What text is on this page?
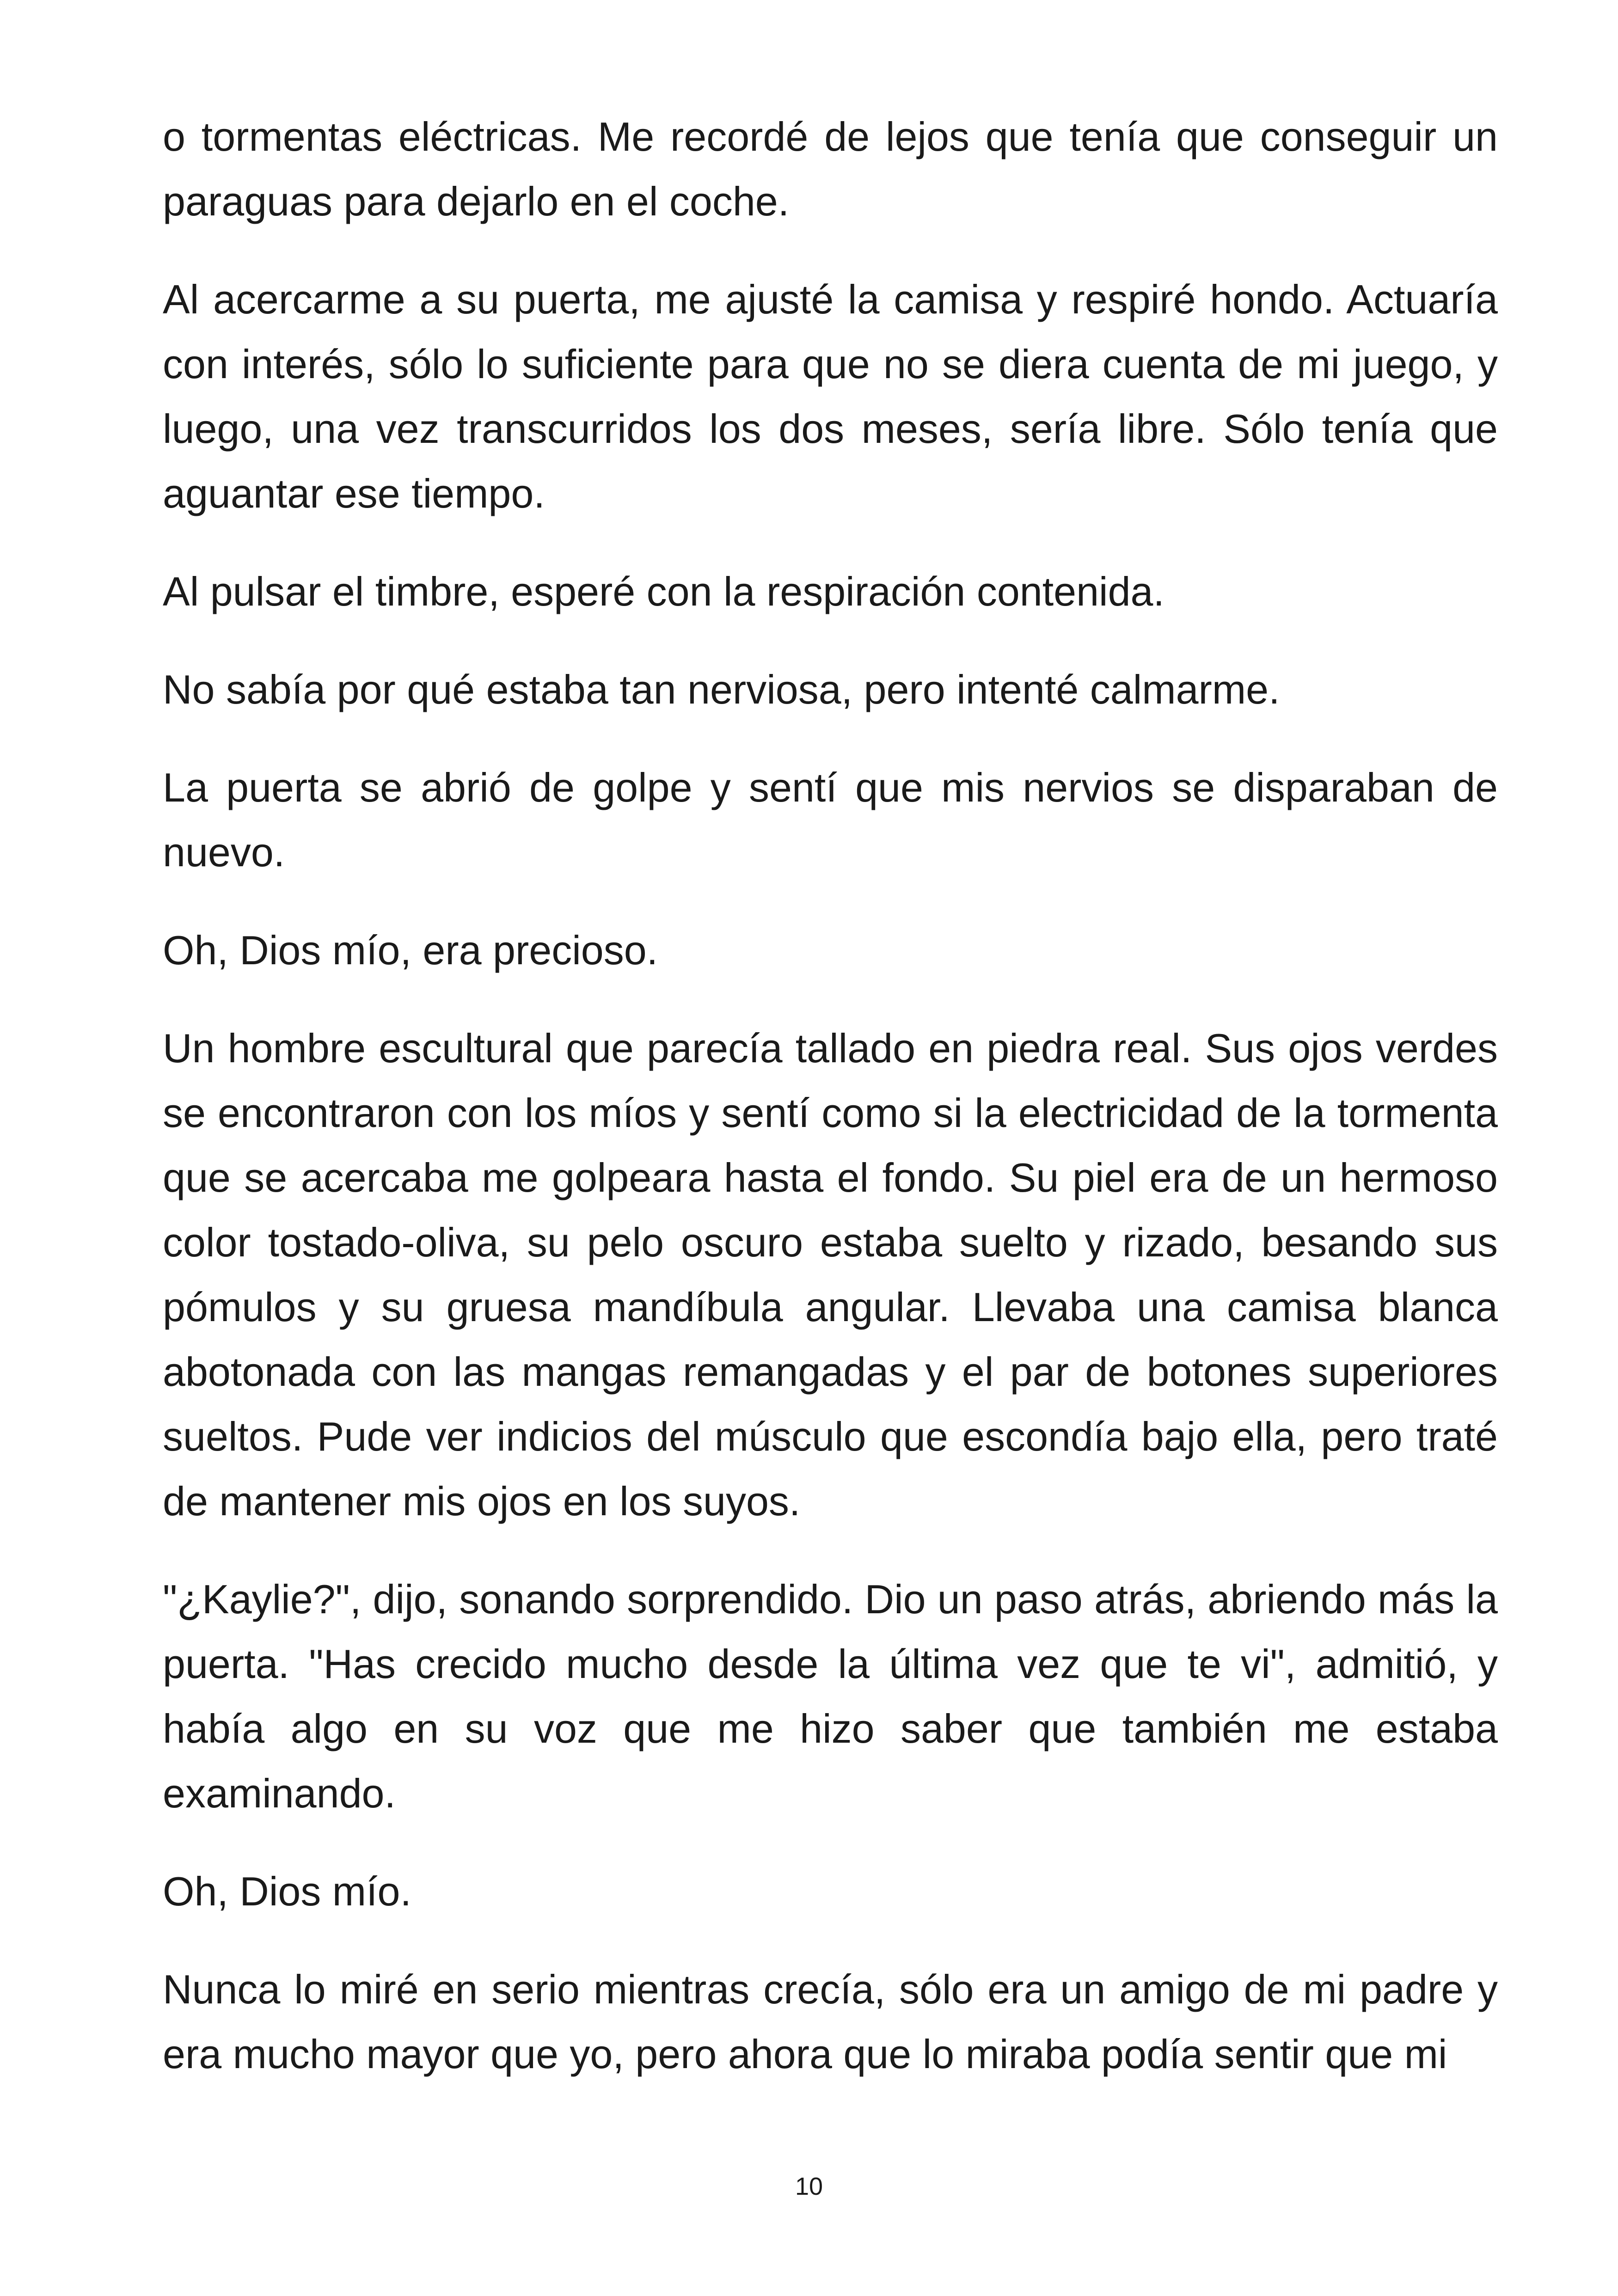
o tormentas eléctricas. Me recordé de lejos que tenía que conseguir un paraguas para dejarlo en el coche.

Al acercarme a su puerta, me ajusté la camisa y respiré hondo. Actuaría con interés, sólo lo suficiente para que no se diera cuenta de mi juego, y luego, una vez transcurridos los dos meses, sería libre. Sólo tenía que aguantar ese tiempo.

Al pulsar el timbre, esperé con la respiración contenida.

No sabía por qué estaba tan nerviosa, pero intenté calmarme.

La puerta se abrió de golpe y sentí que mis nervios se disparaban de nuevo.

Oh, Dios mío, era precioso.

Un hombre escultural que parecía tallado en piedra real. Sus ojos verdes se encontraron con los míos y sentí como si la electricidad de la tormenta que se acercaba me golpeara hasta el fondo. Su piel era de un hermoso color tostado-oliva, su pelo oscuro estaba suelto y rizado, besando sus pómulos y su gruesa mandíbula angular. Llevaba una camisa blanca abotonada con las mangas remangadas y el par de botones superiores sueltos. Pude ver indicios del músculo que escondía bajo ella, pero traté de mantener mis ojos en los suyos.

"¿Kaylie?", dijo, sonando sorprendido. Dio un paso atrás, abriendo más la puerta. "Has crecido mucho desde la última vez que te vi", admitió, y había algo en su voz que me hizo saber que también me estaba examinando.

Oh, Dios mío.

Nunca lo miré en serio mientras crecía, sólo era un amigo de mi padre y era mucho mayor que yo, pero ahora que lo miraba podía sentir que mi

10
